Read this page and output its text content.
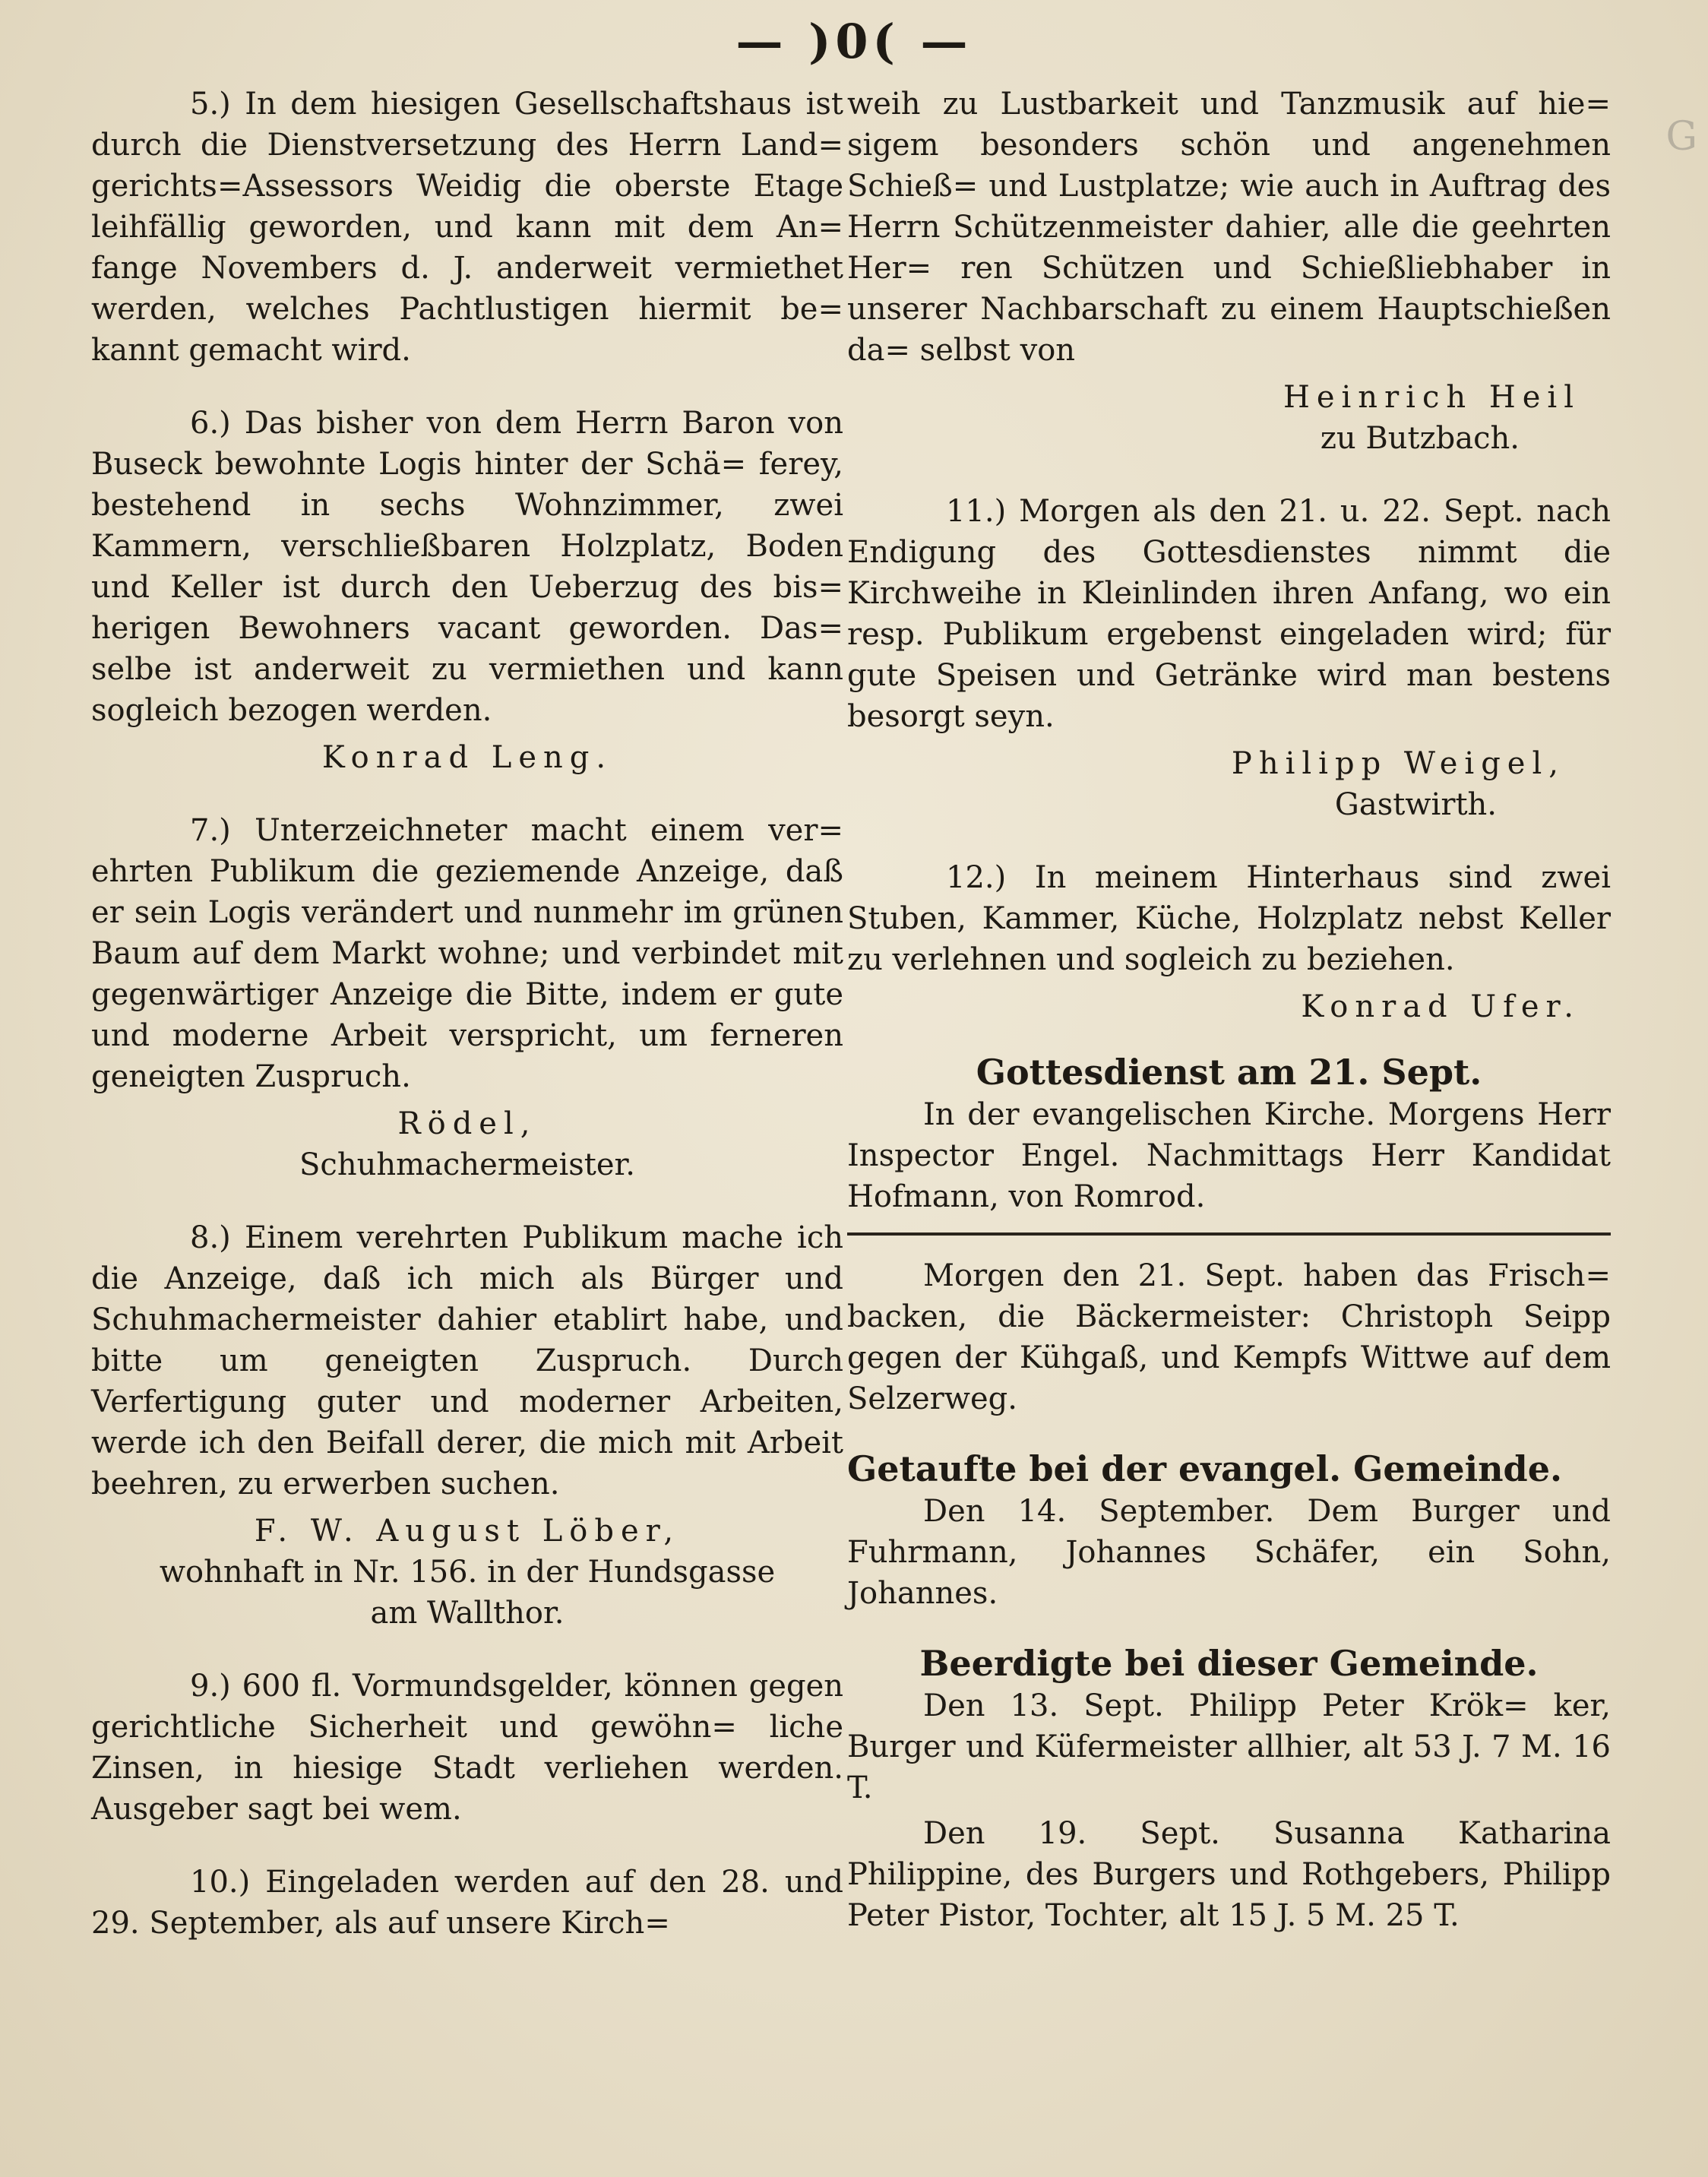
— )0( —
G

5.) In dem hiesigen Gesellschaftshaus ist durch die Dienstversetzung des Herrn Land= gerichts=Assessors Weidig die oberste Etage leihfällig geworden, und kann mit dem An= fange Novembers d. J. anderweit vermiethet werden, welches Pachtlustigen hiermit be= kannt gemacht wird.

6.) Das bisher von dem Herrn Baron von Buseck bewohnte Logis hinter der Schä= ferey, bestehend in sechs Wohnzimmer, zwei Kammern, verschließbaren Holzplatz, Boden und Keller ist durch den Ueberzug des bis= herigen Bewohners vacant geworden. Das= selbe ist anderweit zu vermiethen und kann sogleich bezogen werden.

Konrad Leng.

7.) Unterzeichneter macht einem ver= ehrten Publikum die geziemende Anzeige, daß er sein Logis verändert und nunmehr im grünen Baum auf dem Markt wohne; und verbindet mit gegenwärtiger Anzeige die Bitte, indem er gute und moderne Arbeit verspricht, um ferneren geneigten Zuspruch.

Rödel,

Schuhmachermeister.

8.) Einem verehrten Publikum mache ich die Anzeige, daß ich mich als Bürger und Schuhmachermeister dahier etablirt habe, und bitte um geneigten Zuspruch. Durch Verfertigung guter und moderner Arbeiten, werde ich den Beifall derer, die mich mit Arbeit beehren, zu erwerben suchen.

F. W. August Löber,

wohnhaft in Nr. 156. in der Hundsgasse

am Wallthor.

9.) 600 fl. Vormundsgelder, können gegen gerichtliche Sicherheit und gewöhn= liche Zinsen, in hiesige Stadt verliehen werden. Ausgeber sagt bei wem.

10.) Eingeladen werden auf den 28. und 29. September, als auf unsere Kirch=

weih zu Lustbarkeit und Tanzmusik auf hie= sigem besonders schön und angenehmen Schieß= und Lustplatze; wie auch in Auftrag des Herrn Schützenmeister dahier, alle die geehrten Her= ren Schützen und Schießliebhaber in unserer Nachbarschaft zu einem Hauptschießen da= selbst von

Heinrich Heil

zu Butzbach.

11.) Morgen als den 21. u. 22. Sept. nach Endigung des Gottesdienstes nimmt die Kirchweihe in Kleinlinden ihren Anfang, wo ein resp. Publikum ergebenst eingeladen wird; für gute Speisen und Getränke wird man bestens besorgt seyn.

Philipp Weigel,

Gastwirth.

12.) In meinem Hinterhaus sind zwei Stuben, Kammer, Küche, Holzplatz nebst Keller zu verlehnen und sogleich zu beziehen.

Konrad Ufer.

Gottesdienst am 21. Sept.

In der evangelischen Kirche. Morgens Herr Inspector Engel. Nachmittags Herr Kandidat Hofmann, von Romrod.

Morgen den 21. Sept. haben das Frisch= backen, die Bäckermeister: Christoph Seipp gegen der Kühgaß, und Kempfs Wittwe auf dem Selzerweg.

Getaufte bei der evangel. Gemeinde.

Den 14. September. Dem Burger und Fuhrmann, Johannes Schäfer, ein Sohn, Johannes.

Beerdigte bei dieser Gemeinde.

Den 13. Sept. Philipp Peter Krök= ker, Burger und Küfermeister allhier, alt 53 J. 7 M. 16 T.

Den 19. Sept. Susanna Katharina Philippine, des Burgers und Rothgebers, Philipp Peter Pistor, Tochter, alt 15 J. 5 M. 25 T.
